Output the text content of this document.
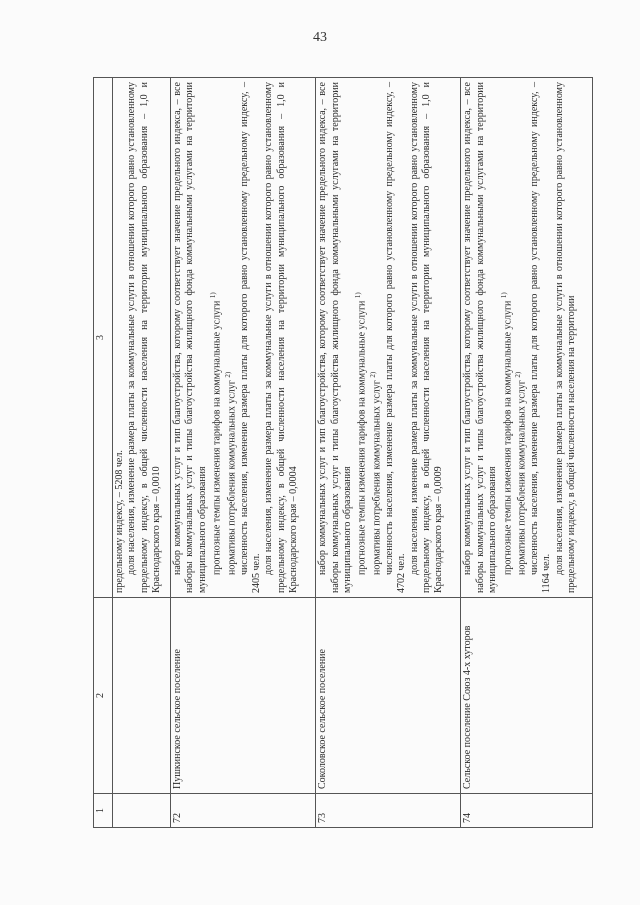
43
1	2	3

		предельному индексу, – 5208 чел. доля населения, изменение размера платы за коммунальные услуги в отношении которого равно установленному предельному индексу, в общей численности населения на территории муниципального образования – 1,0 и Краснодарского края – 0,0010

72	Пушкинское сельское поселение	набор коммунальных услуг и тип благоустройства, которому соответствует значение предельного индекса, – все наборы коммунальных услуг и типы благоустройства жилищного фонда коммунальными услугами на территории муниципального образования прогнозные темпы изменения тарифов на коммунальные услуги $^{1)}$

нормативы потребления коммунальных услуг $^{2)}$ численность населения, изменение размера платы для которого равно установленному предельному индексу, – 2405 чел. доля населения, изменение размера платы за коммунальные услуги в отношении которого равно установленному предельному индексу, в общей численности населения на территории муниципального образования – 1,0 и Краснодарского края – 0,0004

73	Соколовское сельское поселение	набор коммунальных услуг и тип благоустройства, которому соответствует значение предельного индекса, – все наборы коммунальных услуг и типы благоустройства жилищного фонда коммунальными услугами на территории муниципального образования прогнозные темпы изменения тарифов на коммунальные услуги $^{1)}$

нормативы потребления коммунальных услуг $^{2)}$ численность населения, изменение размера платы для которого равно установленному предельному индексу, – 4702 чел. доля населения, изменение размера платы за коммунальные услуги в отношении которого равно установленному предельному индексу, в общей численности населения на территории муниципального образования – 1,0 и Краснодарского края – 0,0009

74	Сельское поселение Союз 4-х хуторов	набор коммунальных услуг и тип благоустройства, которому соответствует значение предельного индекса, – все наборы коммунальных услуг и типы благоустройства жилищного фонда коммунальными услугами на территории муниципального образования прогнозные темпы изменения тарифов на коммунальные услуги $^{1)}$

нормативы потребления коммунальных услуг $^{2)}$ численность населения, изменение размера платы для которого равно установленному предельному индексу, – 1164 чел. доля населения, изменение размера платы за коммунальные услуги в отношении которого равно установленному предельному индексу, в общей численности населения на территории
